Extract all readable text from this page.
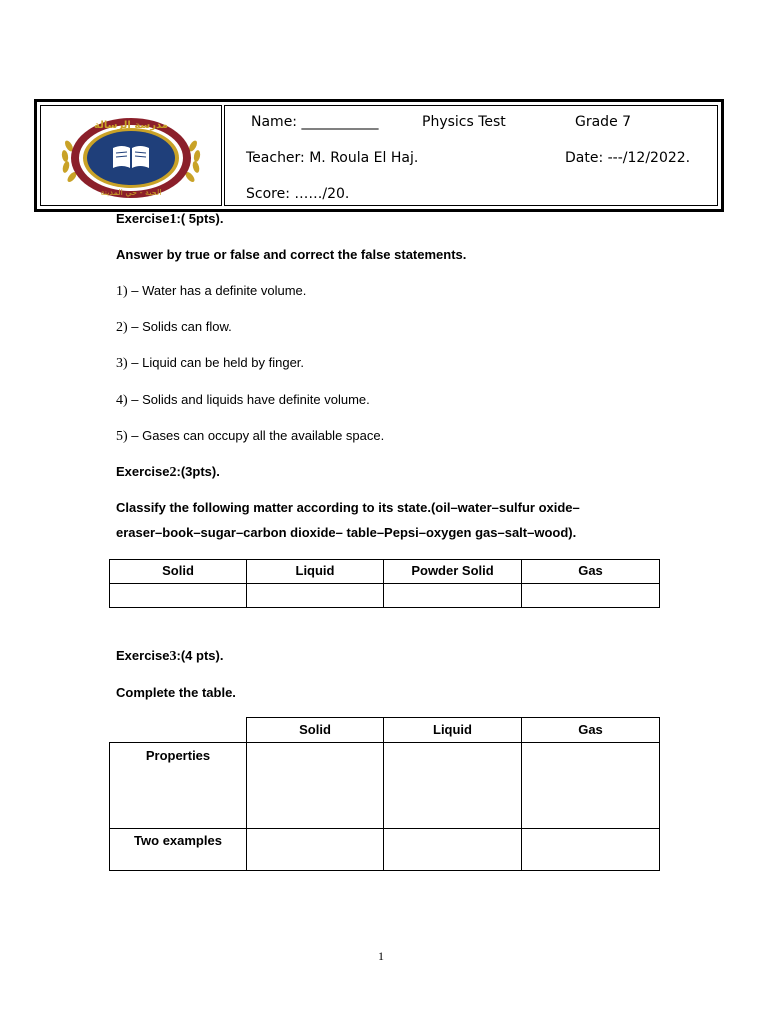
مدرسة الرسالة
الحية - حي المدينة
Name: ___________	Physics Test	Grade 7
Teacher: M. Roula El Haj.	Date: ---/12/2022.
Score: ……/20.
Exercise1:( 5pts).
Answer by true or false and correct the false statements.
1) – Water has a definite volume.
2) – Solids can flow.
3) – Liquid can be held by finger.
4) – Solids and liquids have definite volume.
5) – Gases can occupy all the available space.
Exercise2:(3pts).
Classify the following matter according to its state.(oil–water–sulfur oxide–
eraser–book–sugar–carbon dioxide– table–Pepsi–oxygen gas–salt–wood).
Solid	Liquid	Powder Solid	Gas

Exercise3:(4 pts).
Complete the table.
	Solid	Liquid	Gas
Properties			
Two examples			
1
